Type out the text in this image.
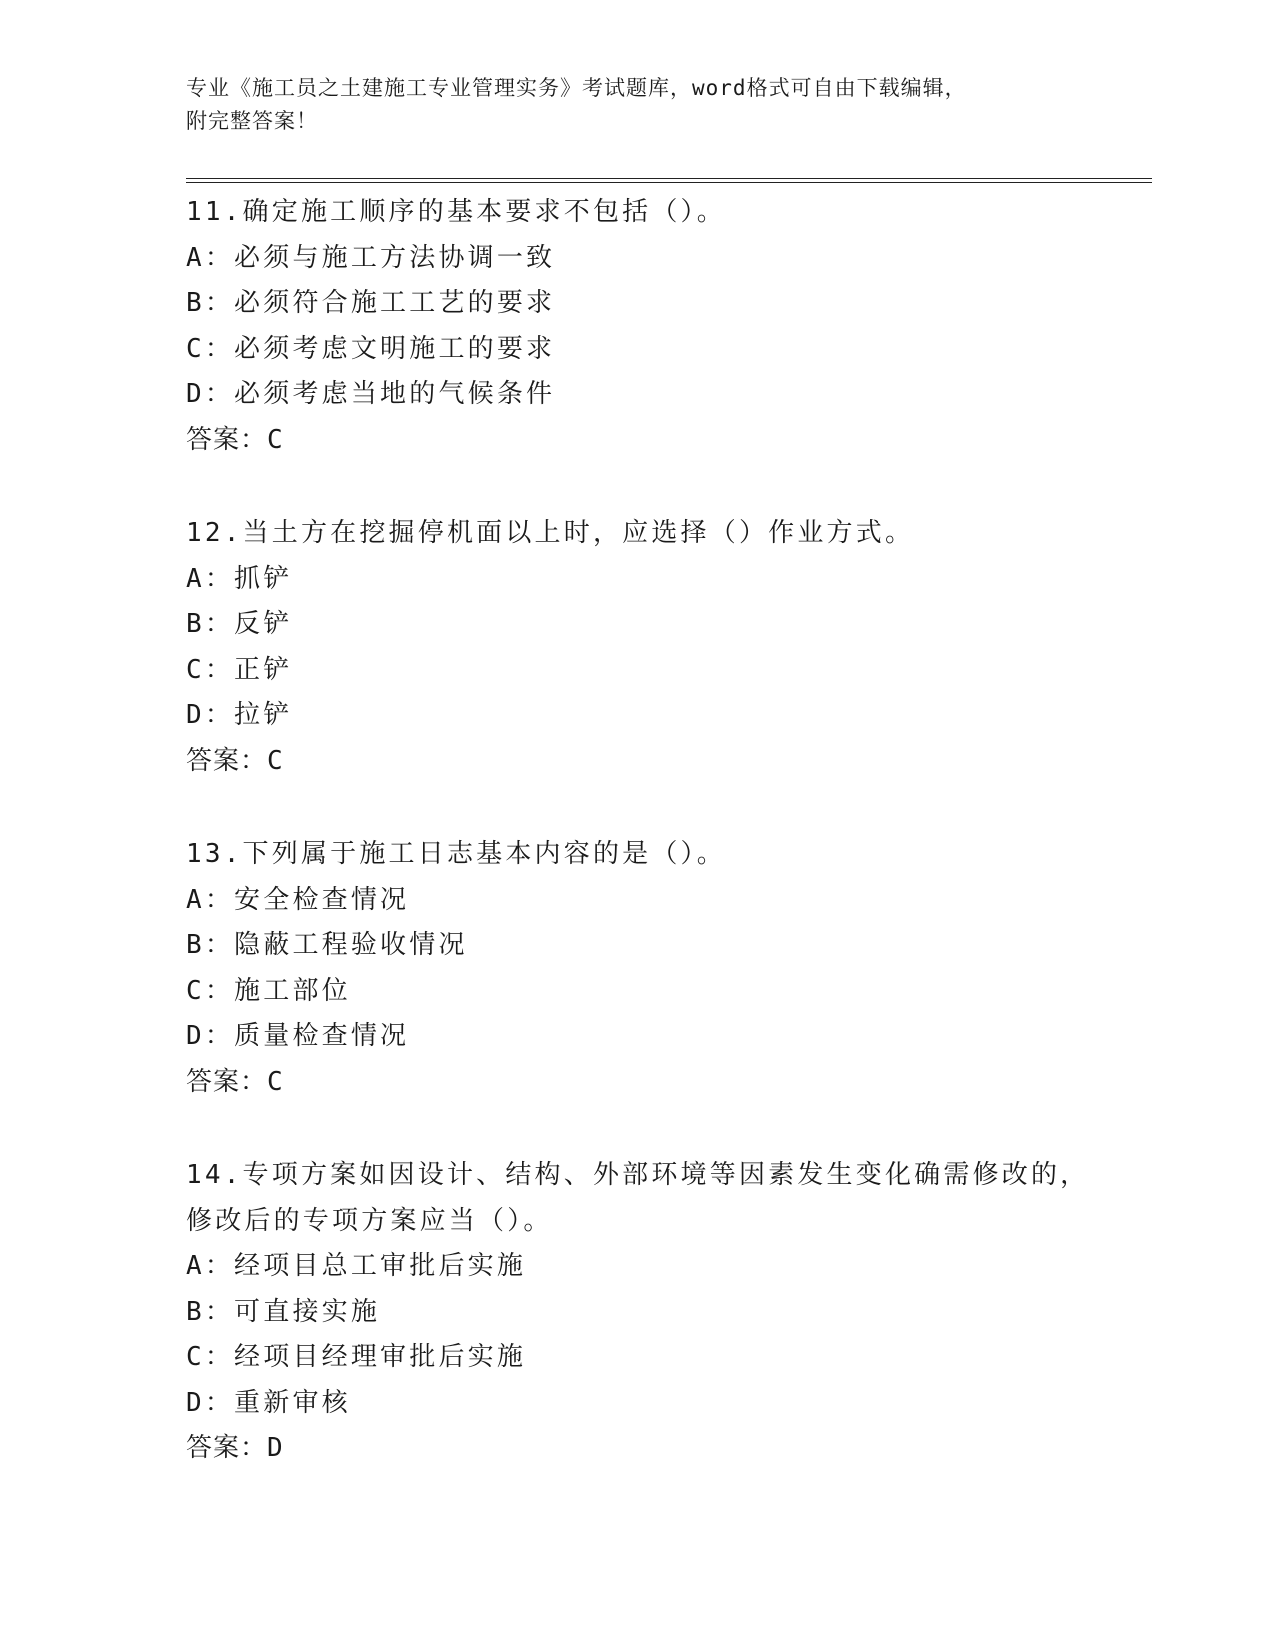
专业《施工员之土建施工专业管理实务》考试题库，word格式可自由下载编辑，
附完整答案！
11.确定施工顺序的基本要求不包括（）。
A：必须与施工方法协调一致
B：必须符合施工工艺的要求
C：必须考虑文明施工的要求
D：必须考虑当地的气候条件
答案：C
12.当土方在挖掘停机面以上时，应选择（）作业方式。
A：抓铲
B：反铲
C：正铲
D：拉铲
答案：C
13.下列属于施工日志基本内容的是（）。
A：安全检查情况
B：隐蔽工程验收情况
C：施工部位
D：质量检查情况
答案：C
14.专项方案如因设计、结构、外部环境等因素发生变化确需修改的，
修改后的专项方案应当（）。
A：经项目总工审批后实施
B：可直接实施
C：经项目经理审批后实施
D：重新审核
答案：D
